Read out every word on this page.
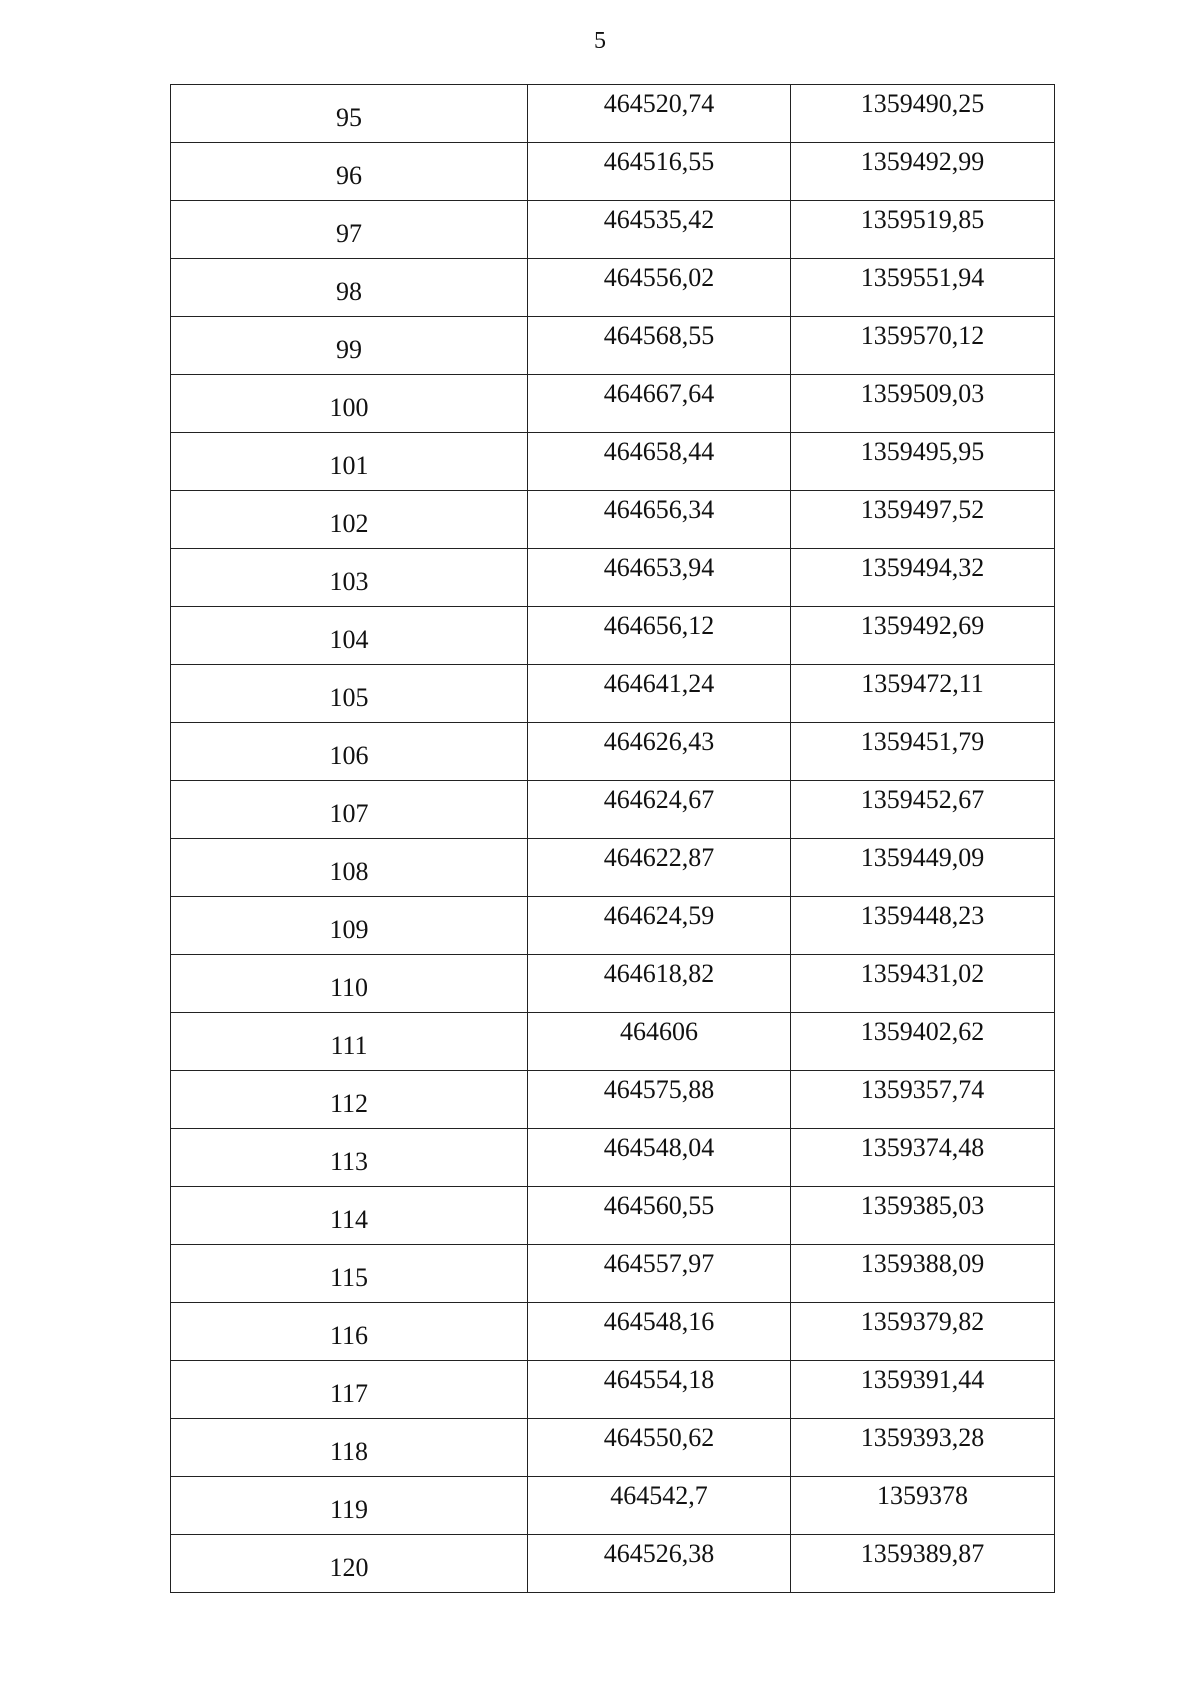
5
95	464520,74	1359490,25
96	464516,55	1359492,99
97	464535,42	1359519,85
98	464556,02	1359551,94
99	464568,55	1359570,12
100	464667,64	1359509,03
101	464658,44	1359495,95
102	464656,34	1359497,52
103	464653,94	1359494,32
104	464656,12	1359492,69
105	464641,24	1359472,11
106	464626,43	1359451,79
107	464624,67	1359452,67
108	464622,87	1359449,09
109	464624,59	1359448,23
110	464618,82	1359431,02
111	464606	1359402,62
112	464575,88	1359357,74
113	464548,04	1359374,48
114	464560,55	1359385,03
115	464557,97	1359388,09
116	464548,16	1359379,82
117	464554,18	1359391,44
118	464550,62	1359393,28
119	464542,7	1359378
120	464526,38	1359389,87
